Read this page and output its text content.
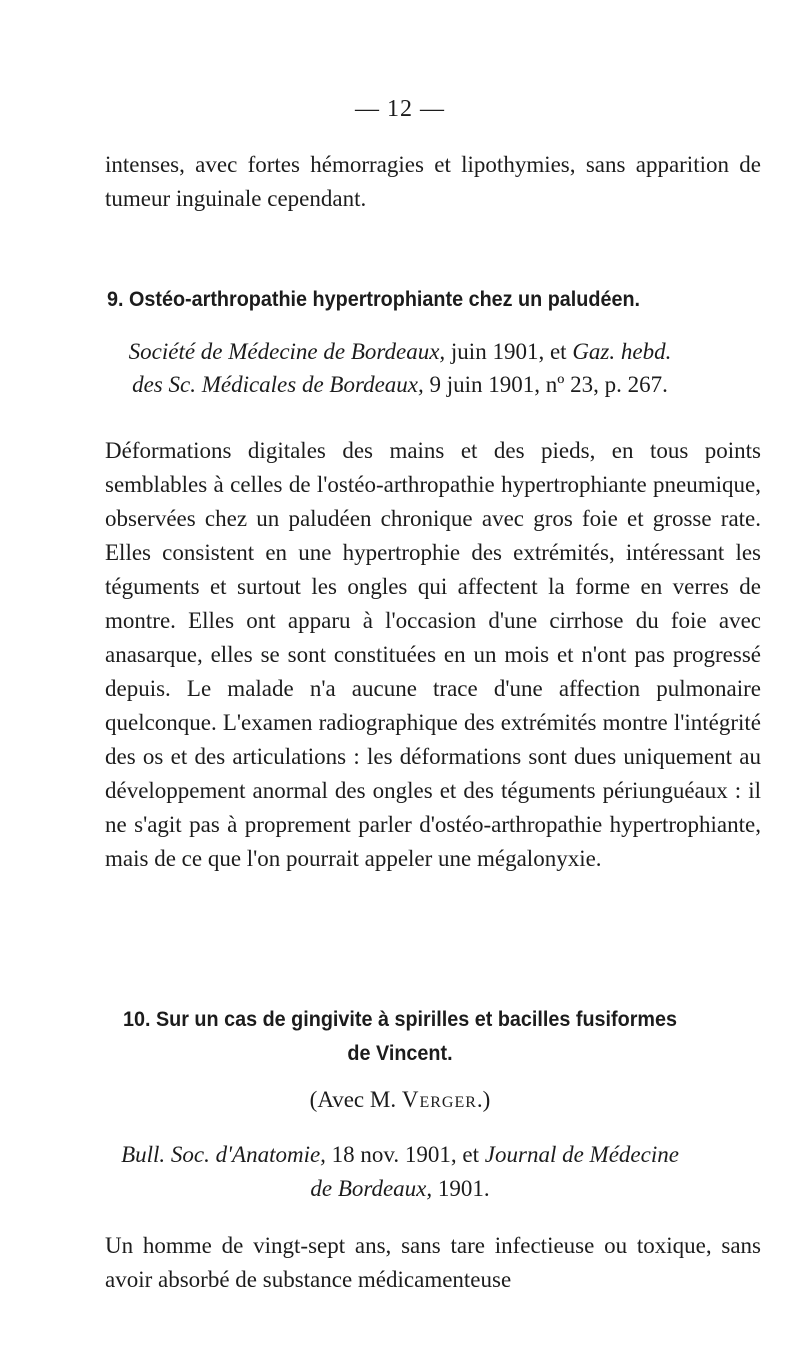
— 12 —
intenses, avec fortes hémorragies et lipothymies, sans apparition de tumeur inguinale cependant.
9. Ostéo-arthropathie hypertrophiante chez un paludéen.
Société de Médecine de Bordeaux, juin 1901, et Gaz. hebd.
des Sc. Médicales de Bordeaux, 9 juin 1901, nº 23, p. 267.
Déformations digitales des mains et des pieds, en tous points semblables à celles de l'ostéo-arthropathie hypertrophiante pneumique, observées chez un paludéen chronique avec gros foie et grosse rate. Elles consistent en une hypertrophie des extrémités, intéressant les téguments et surtout les ongles qui affectent la forme en verres de montre. Elles ont apparu à l'occasion d'une cirrhose du foie avec anasarque, elles se sont constituées en un mois et n'ont pas progressé depuis. Le malade n'a aucune trace d'une affection pulmonaire quelconque. L'examen radiographique des extrémités montre l'intégrité des os et des articulations : les déformations sont dues uniquement au développement anormal des ongles et des téguments périunguéaux : il ne s'agit pas à proprement parler d'ostéo-arthropathie hypertrophiante, mais de ce que l'on pourrait appeler une mégalonyxie.
10. Sur un cas de gingivite à spirilles et bacilles fusiformes
de Vincent.
(Avec M. Verger.)
Bull. Soc. d'Anatomie, 18 nov. 1901, et Journal de Médecine
de Bordeaux, 1901.
Un homme de vingt-sept ans, sans tare infectieuse ou toxique, sans avoir absorbé de substance médicamenteuse
